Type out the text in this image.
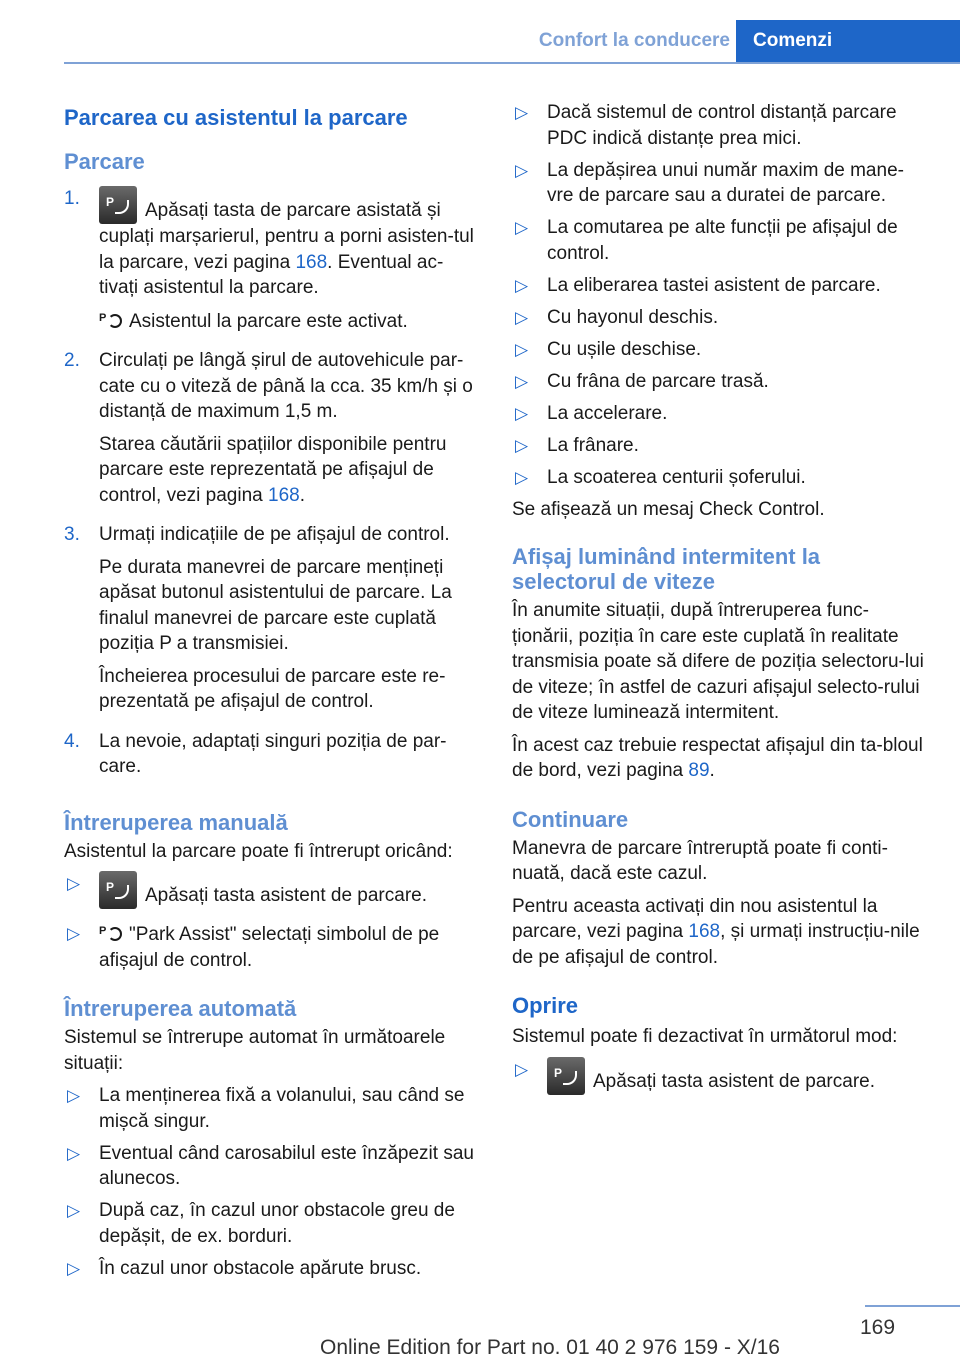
Confort la conducere	Comenzi
Parcarea cu asistentul la parcare
Parcare
1.

PApăsați tasta de parcare asistată și cuplați marșarierul, pentru a porni asisten-tul la parcare, vezi pagina 168. Eventual ac-tivați asistentul la parcare.

PAsistentul la parcare este activat.

2.	Circulați pe lângă șirul de autovehicule par-cate cu o viteză de până la cca. 35 km/h și o distanță de maximum 1,5 m.

Starea căutării spațiilor disponibile pentru parcare este reprezentată pe afișajul de control, vezi pagina 168.

3.	Urmați indicațiile de pe afișajul de control.

Pe durata manevrei de parcare mențineți apăsat butonul asistentului de parcare. La finalul manevrei de parcare este cuplată poziția P a transmisiei.

Încheierea procesului de parcare este re-prezentată pe afișajul de control.

4.	La nevoie, adaptați singuri poziția de par-care.

Întreruperea manuală

Asistentul la parcare poate fi întrerupt oricând:

▷
PApăsați tasta asistent de parcare.
▷
P	"Park Assist" selectați simbolul de pe afișajul de control.
Întreruperea automată

Sistemul se întrerupe automat în următoarele situații:

▷ La menținerea fixă a volanului, sau când se mișcă singur.
▷ Eventual când carosabilul este înzăpezit sau alunecos.
▷ După caz, în cazul unor obstacole greu de depășit, de ex. borduri.
▷ În cazul unor obstacole apărute brusc.
▷ Dacă sistemul de control distanță parcare PDC indică distanțe prea mici.
▷ La depășirea unui număr maxim de mane-vre de parcare sau a duratei de parcare.
▷ La comutarea pe alte funcții pe afișajul de control.
▷ La eliberarea tastei asistent de parcare.
▷ Cu hayonul deschis.
▷ Cu ușile deschise.
▷ Cu frâna de parcare trasă.
▷ La accelerare.
▷ La frânare.
▷ La scoaterea centurii șoferului.

Se afișează un mesaj Check Control.

Afișaj luminând intermitent la selectorul de viteze

În anumite situații, după întreruperea func-ționării, poziția în care este cuplată în realitate transmisia poate să difere de poziția selectoru-lui de viteze; în astfel de cazuri afișajul selecto-rului de viteze luminează intermitent.

În acest caz trebuie respectat afișajul din ta-bloul de bord, vezi pagina 89.

Continuare

Manevra de parcare întreruptă poate fi conti-nuată, dacă este cazul.

Pentru aceasta activați din nou asistentul la parcare, vezi pagina 168, și urmați instrucțiu-nile de pe afișajul de control.

Oprire

Sistemul poate fi dezactivat în următorul mod:

▷
PApăsați tasta asistent de parcare.
169
Online Edition for Part no. 01 40 2 976 159 - X/16
